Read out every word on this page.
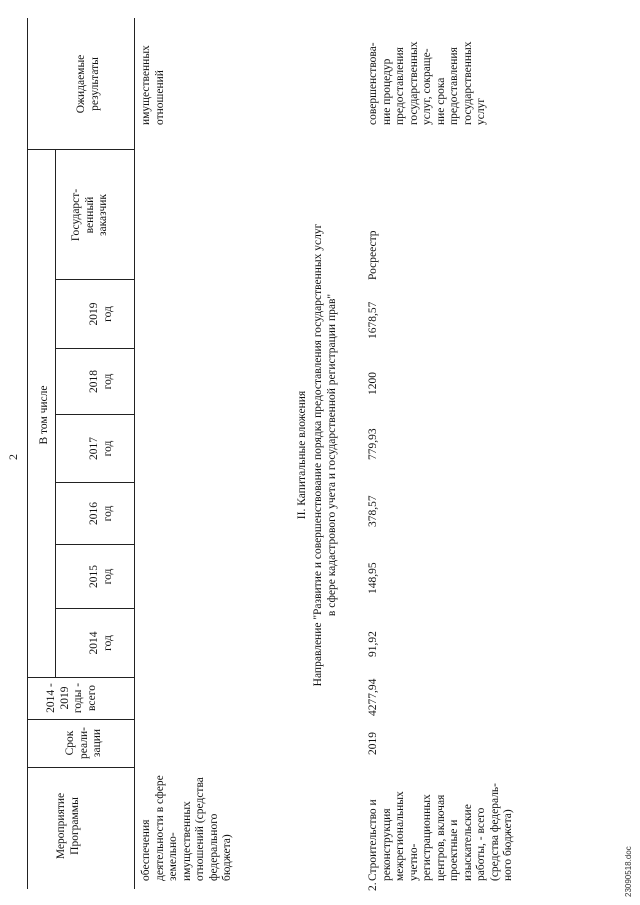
23090518.doc
2
Мероприятие
Программы
Срок
реали-
зации
2014 -
2019
годы -
всего
В том числе
2014
год
2015
год
2016
год
2017
год
2018
год
2019
год
Государст-
венный
заказчик
Ожидаемые
результаты
обеспечения
деятельности в сфере
земельно-
имущественных
отношений (средства
федерального
бюджета)
имущественных
отношений
II. Капитальные вложения Направление "Развитие и совершенствование порядка предоставления государственных услуг в сфере кадастрового учета и государственной регистрации прав"
2.
Строительство и
реконструкция
межрегиональных
учетно-
регистрационных
центров, включая
проектные и
изыскательские
работы, - всего
(средства федераль-
ного бюджета)
2019
4277,94
91,92
148,95
378,57
779,93
1200
1678,57
Росреестр
совершенствова-
ние процедур
предоставления
государственных
услуг, сокраще-
ние срока
предоставления
государственных
услуг
